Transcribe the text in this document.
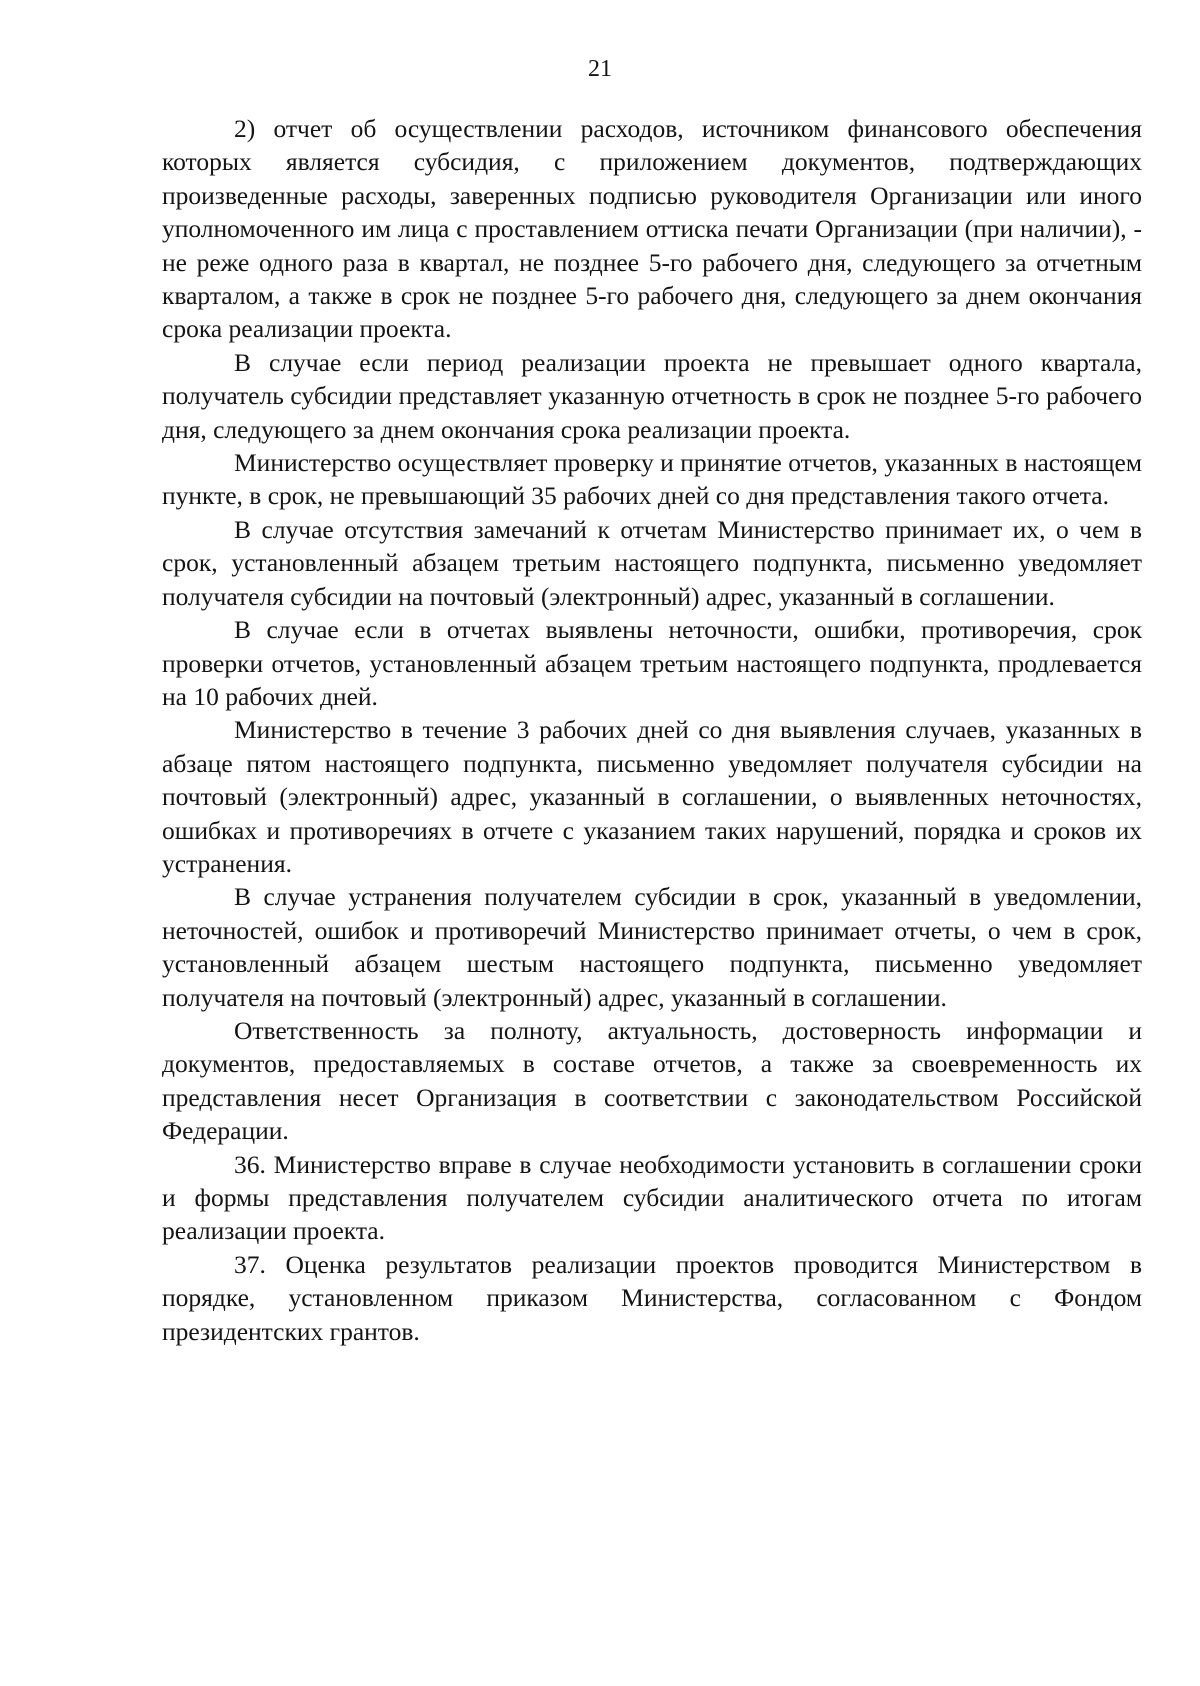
21

2) отчет об осуществлении расходов, источником финансового обеспечения которых является субсидия, с приложением документов, подтверждающих произведенные расходы, заверенных подписью руководителя Организации или иного уполномоченного им лица с проставлением оттиска печати Организации (при наличии), - не реже одного раза в квартал, не позднее 5-го рабочего дня, следующего за отчетным кварталом, а также в срок не позднее 5-го рабочего дня, следующего за днем окончания срока реализации проекта.

В случае если период реализации проекта не превышает одного квартала, получатель субсидии представляет указанную отчетность в срок не позднее 5-го рабочего дня, следующего за днем окончания срока реализации проекта.

Министерство осуществляет проверку и принятие отчетов, указанных в настоящем пункте, в срок, не превышающий 35 рабочих дней со дня представления такого отчета.

В случае отсутствия замечаний к отчетам Министерство принимает их, о чем в срок, установленный абзацем третьим настоящего подпункта, письменно уведомляет получателя субсидии на почтовый (электронный) адрес, указанный в соглашении.

В случае если в отчетах выявлены неточности, ошибки, противоречия, срок проверки отчетов, установленный абзацем третьим настоящего подпункта, продлевается на 10 рабочих дней.

Министерство в течение 3 рабочих дней со дня выявления случаев, указанных в абзаце пятом настоящего подпункта, письменно уведомляет получателя субсидии на почтовый (электронный) адрес, указанный в соглашении, о выявленных неточностях, ошибках и противоречиях в отчете с указанием таких нарушений, порядка и сроков их устранения.

В случае устранения получателем субсидии в срок, указанный в уведомлении, неточностей, ошибок и противоречий Министерство принимает отчеты, о чем в срок, установленный абзацем шестым настоящего подпункта, письменно уведомляет получателя на почтовый (электронный) адрес, указанный в соглашении.

Ответственность за полноту, актуальность, достоверность информации и документов, предоставляемых в составе отчетов, а также за своевременность их представления несет Организация в соответствии с законодательством Российской Федерации.

36. Министерство вправе в случае необходимости установить в соглашении сроки и формы представления получателем субсидии аналитического отчета по итогам реализации проекта.

37. Оценка результатов реализации проектов проводится Министерством в порядке, установленном приказом Министерства, согласованном с Фондом президентских грантов.
